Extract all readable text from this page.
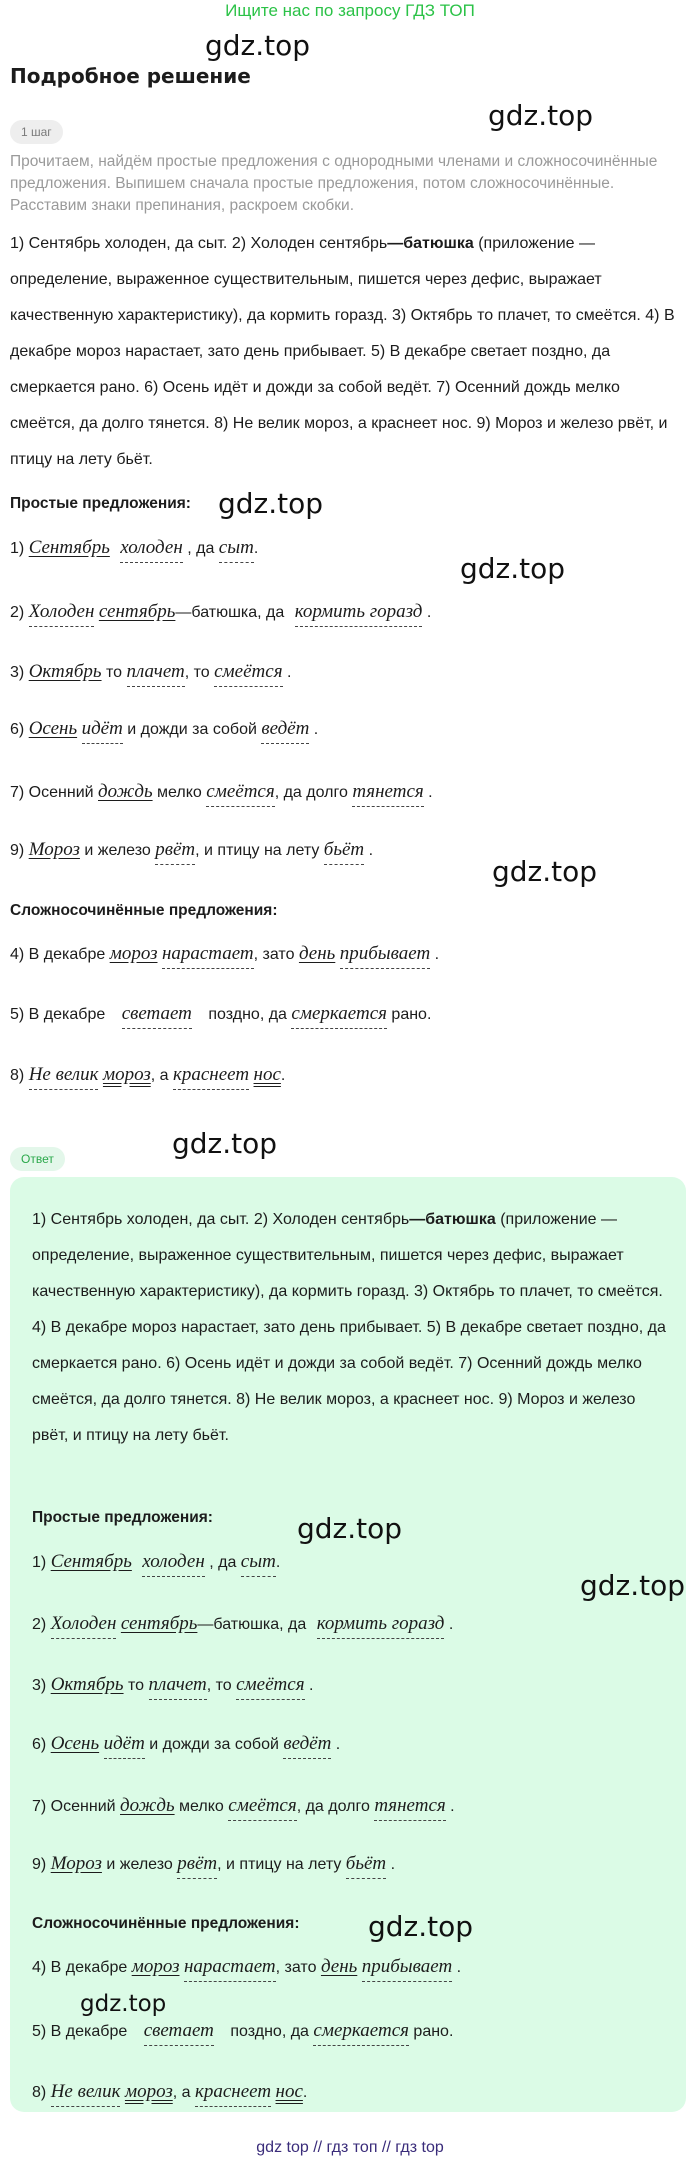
Ищите нас по запросу ГДЗ ТОП
gdz.top
Подробное решение
gdz.top
1 шаг
Прочитаем, найдём простые предложения с однородными членами и сложносочинённые предложения. Выпишем сначала простые предложения, потом сложносочинённые. Расставим знаки препинания, раскроем скобки.
1) Сентябрь холоден, да сыт. 2) Холоден сентябрь—батюшка (приложение — определение, выраженное существительным, пишется через дефис, выражает качественную характеристику), да кормить горазд. 3) Октябрь то плачет, то смеётся. 4) В декабре мороз нарастает, зато день прибывает. 5) В декабре светает поздно, да смеркается рано. 6) Осень идёт и дожди за собой ведёт. 7) Осенний дождь мелко смеётся, да долго тянется. 8) Не велик мороз, а краснеет нос. 9) Мороз и железо рвёт, и птицу на лету бьёт.
Простые предложения: gdz.top
1) Сентябрь холоден , да сыт.
gdz.top
2) Холоден сентябрь—батюшка, да кормить горазд .
3) Октябрь то плачет, то смеётся .
6) Осень идёт и дожди за собой ведёт .
7) Осенний дождь мелко смеётся, да долго тянется .
9) Мороз и железо рвёт, и птицу на лету бьёт .
gdz.top
Сложносочинённые предложения:
4) В декабре мороз нарастает, зато день прибывает .
5) В декабре светает поздно, да смеркается рано.
8) Не велик мороз, а краснеет нос.
Ответ	gdz.top
1) Сентябрь холоден, да сыт. 2) Холоден сентябрь—батюшка (приложение — определение, выраженное существительным, пишется через дефис, выражает качественную характеристику), да кормить горазд. 3) Октябрь то плачет, то смеётся. 4) В декабре мороз нарастает, зато день прибывает. 5) В декабре светает поздно, да смеркается рано. 6) Осень идёт и дожди за собой ведёт. 7) Осенний дождь мелко смеётся, да долго тянется. 8) Не велик мороз, а краснеет нос. 9) Мороз и железо рвёт, и птицу на лету бьёт.
Простые предложения:	gdz.top
1) Сентябрь холоден , да сыт.
gdz.top
2) Холоден сентябрь—батюшка, да кормить горазд .
3) Октябрь то плачет, то смеётся .
6) Осень идёт и дожди за собой ведёт .
7) Осенний дождь мелко смеётся, да долго тянется .
9) Мороз и железо рвёт, и птицу на лету бьёт .
Сложносочинённые предложения: gdz.top
4) В декабре мороз нарастает, зато день прибывает .
gdz.top
5) В декабре светает поздно, да смеркается рано.
8) Не велик мороз, а краснеет нос.
gdz top // гдз топ // гдз top
